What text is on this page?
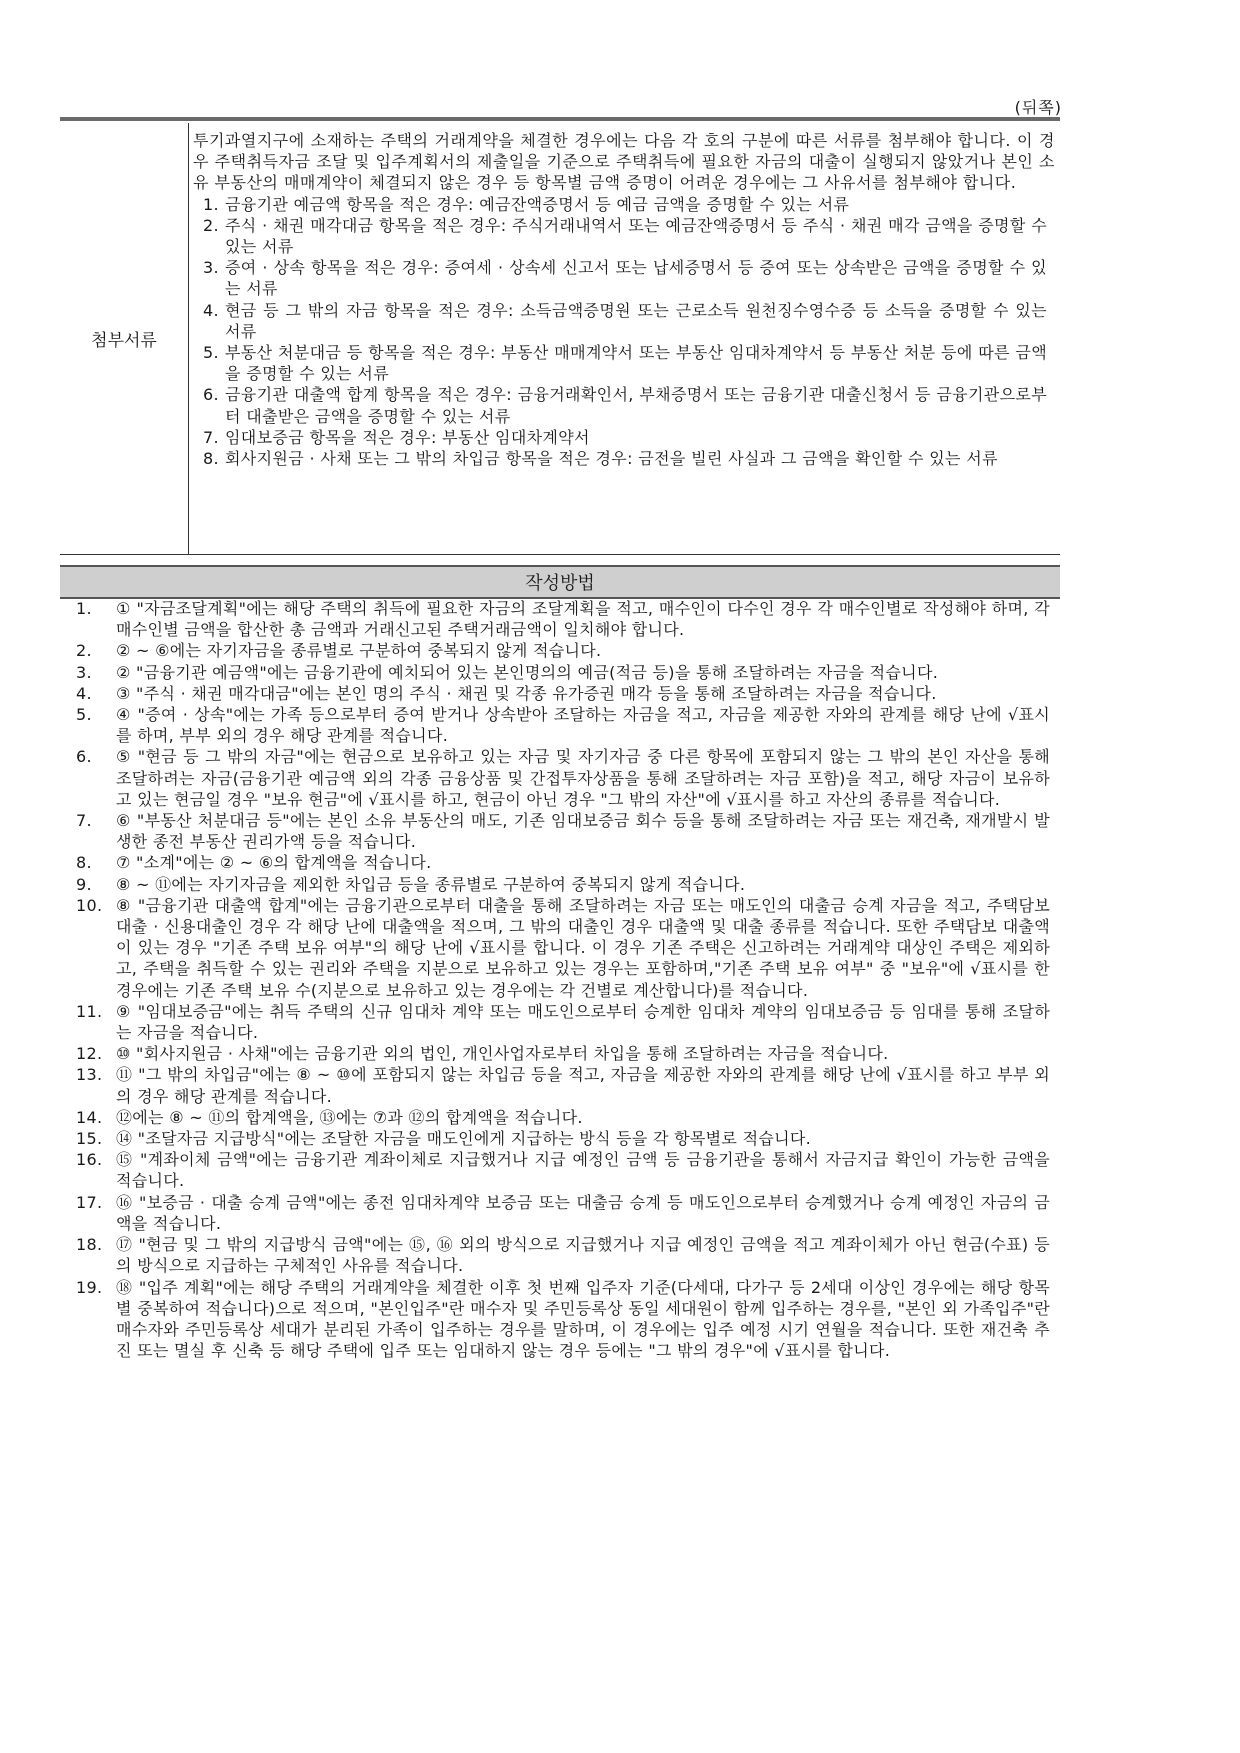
(뒤쪽)
첨부서류

투기과열지구에 소재하는 주택의 거래계약을 체결한 경우에는 다음 각 호의 구분에 따른 서류를 첨부해야 합니다. 이 경우 주택취득자금 조달 및 입주계획서의 제출일을 기준으로 주택취득에 필요한 자금의 대출이 실행되지 않았거나 본인 소유 부동산의 매매계약이 체결되지 않은 경우 등 항목별 금액 증명이 어려운 경우에는 그 사유서를 첨부해야 합니다.

1. 금융기관 예금액 항목을 적은 경우: 예금잔액증명서 등 예금 금액을 증명할 수 있는 서류
2. 주식 · 채권 매각대금 항목을 적은 경우: 주식거래내역서 또는 예금잔액증명서 등 주식 · 채권 매각 금액을 증명할 수 있는 서류
3. 증여 · 상속 항목을 적은 경우: 증여세 · 상속세 신고서 또는 납세증명서 등 증여 또는 상속받은 금액을 증명할 수 있는 서류
4. 현금 등 그 밖의 자금 항목을 적은 경우: 소득금액증명원 또는 근로소득 원천징수영수증 등 소득을 증명할 수 있는 서류
5. 부동산 처분대금 등 항목을 적은 경우: 부동산 매매계약서 또는 부동산 임대차계약서 등 부동산 처분 등에 따른 금액을 증명할 수 있는 서류
6. 금융기관 대출액 합계 항목을 적은 경우: 금융거래확인서, 부채증명서 또는 금융기관 대출신청서 등 금융기관으로부터 대출받은 금액을 증명할 수 있는 서류
7. 임대보증금 항목을 적은 경우: 부동산 임대차계약서
8. 회사지원금 · 사채 또는 그 밖의 차입금 항목을 적은 경우: 금전을 빌린 사실과 그 금액을 확인할 수 있는 서류
작성방법
1. ① "자금조달계획"에는 해당 주택의 취득에 필요한 자금의 조달계획을 적고, 매수인이 다수인 경우 각 매수인별로 작성해야 하며, 각 매수인별 금액을 합산한 총 금액과 거래신고된 주택거래금액이 일치해야 합니다.
2. ② ~ ⑥에는 자기자금을 종류별로 구분하여 중복되지 않게 적습니다.
3. ② "금융기관 예금액"에는 금융기관에 예치되어 있는 본인명의의 예금(적금 등)을 통해 조달하려는 자금을 적습니다.
4. ③ "주식 · 채권 매각대금"에는 본인 명의 주식 · 채권 및 각종 유가증권 매각 등을 통해 조달하려는 자금을 적습니다.
5. ④ "증여 · 상속"에는 가족 등으로부터 증여 받거나 상속받아 조달하는 자금을 적고, 자금을 제공한 자와의 관계를 해당 난에 √표시를 하며, 부부 외의 경우 해당 관계를 적습니다.
6. ⑤ "현금 등 그 밖의 자금"에는 현금으로 보유하고 있는 자금 및 자기자금 중 다른 항목에 포함되지 않는 그 밖의 본인 자산을 통해 조달하려는 자금(금융기관 예금액 외의 각종 금융상품 및 간접투자상품을 통해 조달하려는 자금 포함)을 적고, 해당 자금이 보유하고 있는 현금일 경우 "보유 현금"에 √표시를 하고, 현금이 아닌 경우 "그 밖의 자산"에 √표시를 하고 자산의 종류를 적습니다.
7. ⑥ "부동산 처분대금 등"에는 본인 소유 부동산의 매도, 기존 임대보증금 회수 등을 통해 조달하려는 자금 또는 재건축, 재개발시 발생한 종전 부동산 권리가액 등을 적습니다.
8. ⑦ "소계"에는 ② ~ ⑥의 합계액을 적습니다.
9. ⑧ ~ ⑪에는 자기자금을 제외한 차입금 등을 종류별로 구분하여 중복되지 않게 적습니다.
10. ⑧ "금융기관 대출액 합계"에는 금융기관으로부터 대출을 통해 조달하려는 자금 또는 매도인의 대출금 승계 자금을 적고, 주택담보대출 · 신용대출인 경우 각 해당 난에 대출액을 적으며, 그 밖의 대출인 경우 대출액 및 대출 종류를 적습니다. 또한 주택담보 대출액이 있는 경우 "기존 주택 보유 여부"의 해당 난에 √표시를 합니다. 이 경우 기존 주택은 신고하려는 거래계약 대상인 주택은 제외하고, 주택을 취득할 수 있는 권리와 주택을 지분으로 보유하고 있는 경우는 포함하며,"기존 주택 보유 여부" 중 "보유"에 √표시를 한 경우에는 기존 주택 보유 수(지분으로 보유하고 있는 경우에는 각 건별로 계산합니다)를 적습니다.
11. ⑨ "임대보증금"에는 취득 주택의 신규 임대차 계약 또는 매도인으로부터 승계한 임대차 계약의 임대보증금 등 임대를 통해 조달하는 자금을 적습니다.
12. ⑩ "회사지원금 · 사채"에는 금융기관 외의 법인, 개인사업자로부터 차입을 통해 조달하려는 자금을 적습니다.
13. ⑪ "그 밖의 차입금"에는 ⑧ ~ ⑩에 포함되지 않는 차입금 등을 적고, 자금을 제공한 자와의 관계를 해당 난에 √표시를 하고 부부 외의 경우 해당 관계를 적습니다.
14. ⑫에는 ⑧ ~ ⑪의 합계액을, ⑬에는 ⑦과 ⑫의 합계액을 적습니다.
15. ⑭ "조달자금 지급방식"에는 조달한 자금을 매도인에게 지급하는 방식 등을 각 항목별로 적습니다.
16. ⑮ "계좌이체 금액"에는 금융기관 계좌이체로 지급했거나 지급 예정인 금액 등 금융기관을 통해서 자금지급 확인이 가능한 금액을 적습니다.
17. ⑯ "보증금 · 대출 승계 금액"에는 종전 임대차계약 보증금 또는 대출금 승계 등 매도인으로부터 승계했거나 승계 예정인 자금의 금액을 적습니다.
18. ⑰ "현금 및 그 밖의 지급방식 금액"에는 ⑮, ⑯ 외의 방식으로 지급했거나 지급 예정인 금액을 적고 계좌이체가 아닌 현금(수표) 등의 방식으로 지급하는 구체적인 사유를 적습니다.
19. ⑱ "입주 계획"에는 해당 주택의 거래계약을 체결한 이후 첫 번째 입주자 기준(다세대, 다가구 등 2세대 이상인 경우에는 해당 항목별 중복하여 적습니다)으로 적으며, "본인입주"란 매수자 및 주민등록상 동일 세대원이 함께 입주하는 경우를, "본인 외 가족입주"란 매수자와 주민등록상 세대가 분리된 가족이 입주하는 경우를 말하며, 이 경우에는 입주 예정 시기 연월을 적습니다. 또한 재건축 추진 또는 멸실 후 신축 등 해당 주택에 입주 또는 임대하지 않는 경우 등에는 "그 밖의 경우"에 √표시를 합니다.
